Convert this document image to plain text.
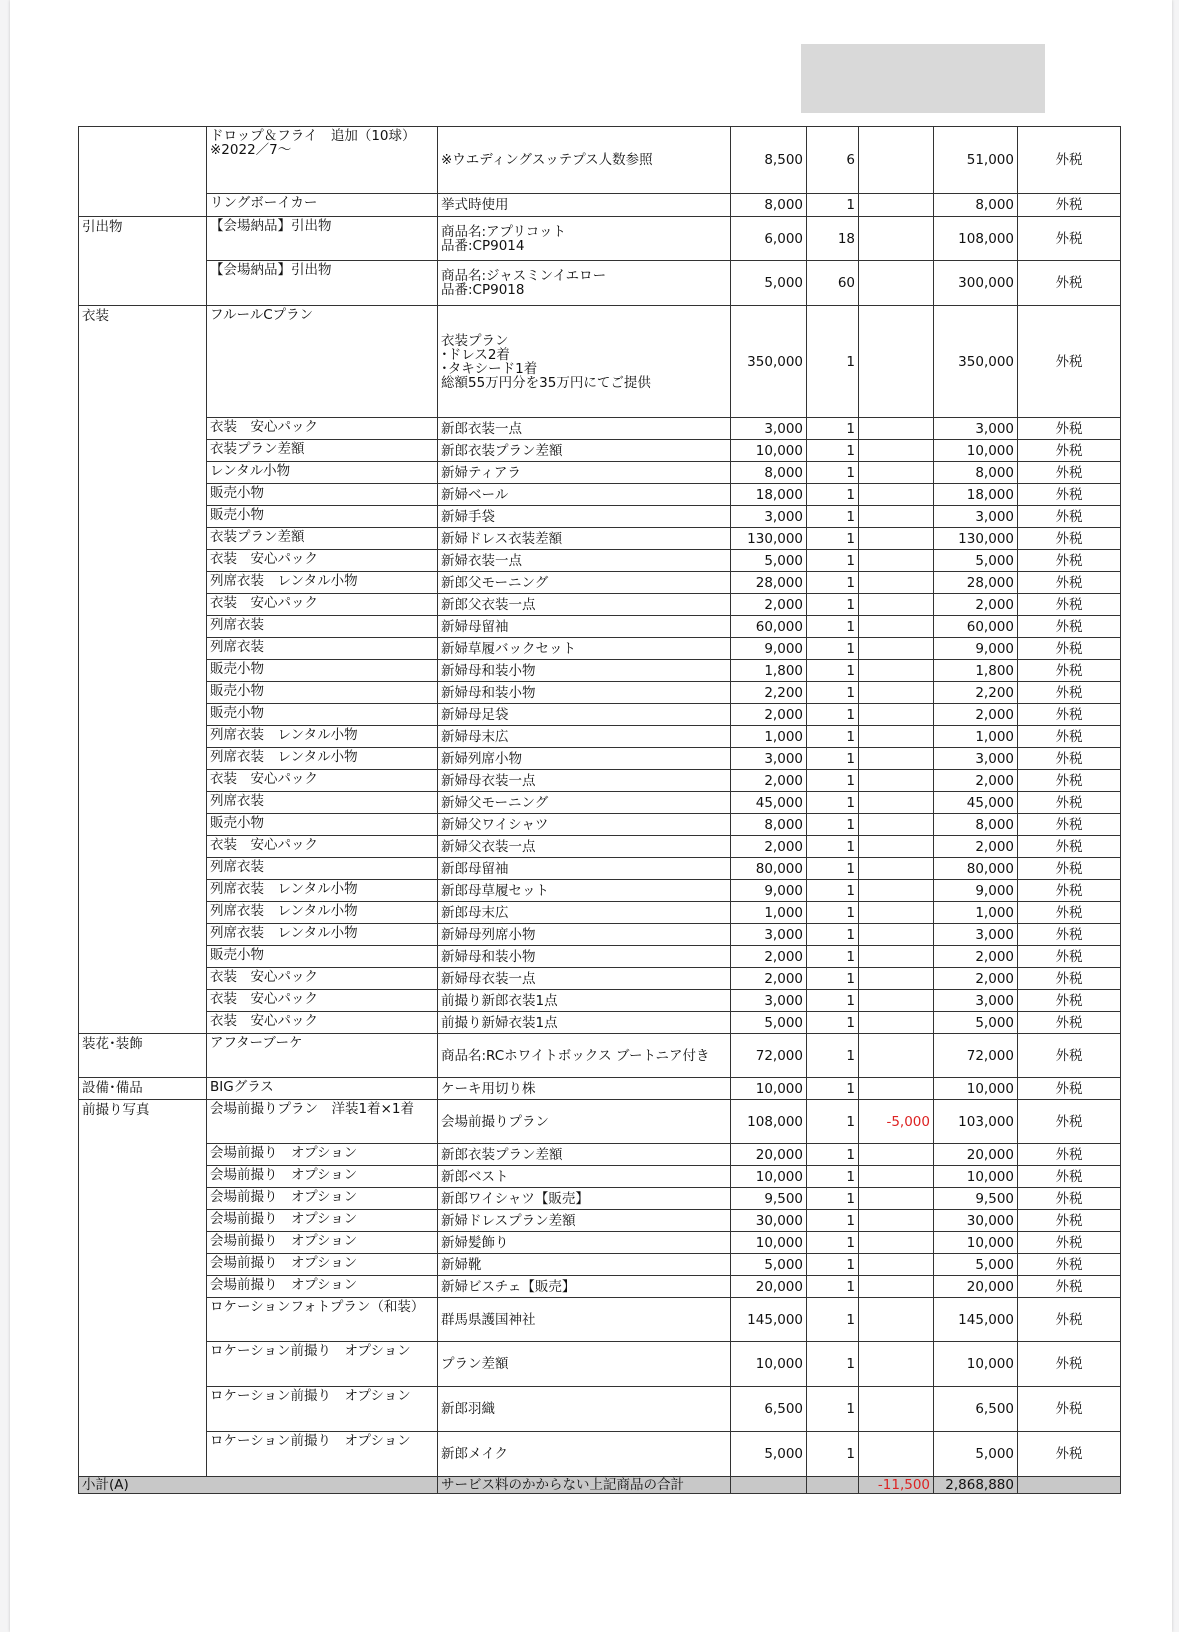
	ドロップ＆フライ　追加（10球）　※2022／7〜	※ウエディングスッテプス人数参照	8,500	6		51,000	外税
	リングボーイカー	挙式時使用	8,000	1		8,000	外税
引出物	【会場納品】引出物	商品名:アプリコット
品番:CP9014	6,000	18		108,000	外税
	【会場納品】引出物	商品名:ジャスミンイエロー
品番:CP9018	5,000	60		300,000	外税
衣装	フルールCプラン	衣装プラン
･ドレス2着
･タキシード1着
総額55万円分を35万円にてご提供	350,000	1		350,000	外税
	衣装　安心パック	新郎衣装一点	3,000	1		3,000	外税
	衣装プラン差額	新郎衣装プラン差額	10,000	1		10,000	外税
	レンタル小物	新婦ティアラ	8,000	1		8,000	外税
	販売小物	新婦ベール	18,000	1		18,000	外税
	販売小物	新婦手袋	3,000	1		3,000	外税
	衣装プラン差額	新婦ドレス衣装差額	130,000	1		130,000	外税
	衣装　安心パック	新婦衣装一点	5,000	1		5,000	外税
	列席衣装　レンタル小物	新郎父モーニング	28,000	1		28,000	外税
	衣装　安心パック	新郎父衣装一点	2,000	1		2,000	外税
	列席衣装	新婦母留袖	60,000	1		60,000	外税
	列席衣装	新婦草履バックセット	9,000	1		9,000	外税
	販売小物	新婦母和装小物	1,800	1		1,800	外税
	販売小物	新婦母和装小物	2,200	1		2,200	外税
	販売小物	新婦母足袋	2,000	1		2,000	外税
	列席衣装　レンタル小物	新婦母末広	1,000	1		1,000	外税
	列席衣装　レンタル小物	新婦列席小物	3,000	1		3,000	外税
	衣装　安心パック	新婦母衣装一点	2,000	1		2,000	外税
	列席衣装	新婦父モーニング	45,000	1		45,000	外税
	販売小物	新婦父ワイシャツ	8,000	1		8,000	外税
	衣装　安心パック	新婦父衣装一点	2,000	1		2,000	外税
	列席衣装	新郎母留袖	80,000	1		80,000	外税
	列席衣装　レンタル小物	新郎母草履セット	9,000	1		9,000	外税
	列席衣装　レンタル小物	新郎母末広	1,000	1		1,000	外税
	列席衣装　レンタル小物	新婦母列席小物	3,000	1		3,000	外税
	販売小物	新婦母和装小物	2,000	1		2,000	外税
	衣装　安心パック	新婦母衣装一点	2,000	1		2,000	外税
	衣装　安心パック	前撮り新郎衣装1点	3,000	1		3,000	外税
	衣装　安心パック	前撮り新婦衣装1点	5,000	1		5,000	外税
装花･装飾	アフターブーケ	商品名:RCホワイトボックス ブートニア付き	72,000	1		72,000	外税
設備･備品	BIGグラス	ケーキ用切り株	10,000	1		10,000	外税
前撮り写真	会場前撮りプラン　洋装1着×1着	会場前撮りプラン	108,000	1	-5,000	103,000	外税
	会場前撮り　オプション	新郎衣装プラン差額	20,000	1		20,000	外税
	会場前撮り　オプション	新郎ベスト	10,000	1		10,000	外税
	会場前撮り　オプション	新郎ワイシャツ【販売】	9,500	1		9,500	外税
	会場前撮り　オプション	新婦ドレスプラン差額	30,000	1		30,000	外税
	会場前撮り　オプション	新婦髪飾り	10,000	1		10,000	外税
	会場前撮り　オプション	新婦靴	5,000	1		5,000	外税
	会場前撮り　オプション	新婦ビスチェ【販売】	20,000	1		20,000	外税
	ロケーションフォトプラン（和装）	群馬県護国神社	145,000	1		145,000	外税
	ロケーション前撮り　オプション	プラン差額	10,000	1		10,000	外税
	ロケーション前撮り　オプション	新郎羽織	6,500	1		6,500	外税
	ロケーション前撮り　オプション	新郎メイク	5,000	1		5,000	外税
小計(A)		サービス料のかからない上記商品の合計			-11,500	2,868,880	
